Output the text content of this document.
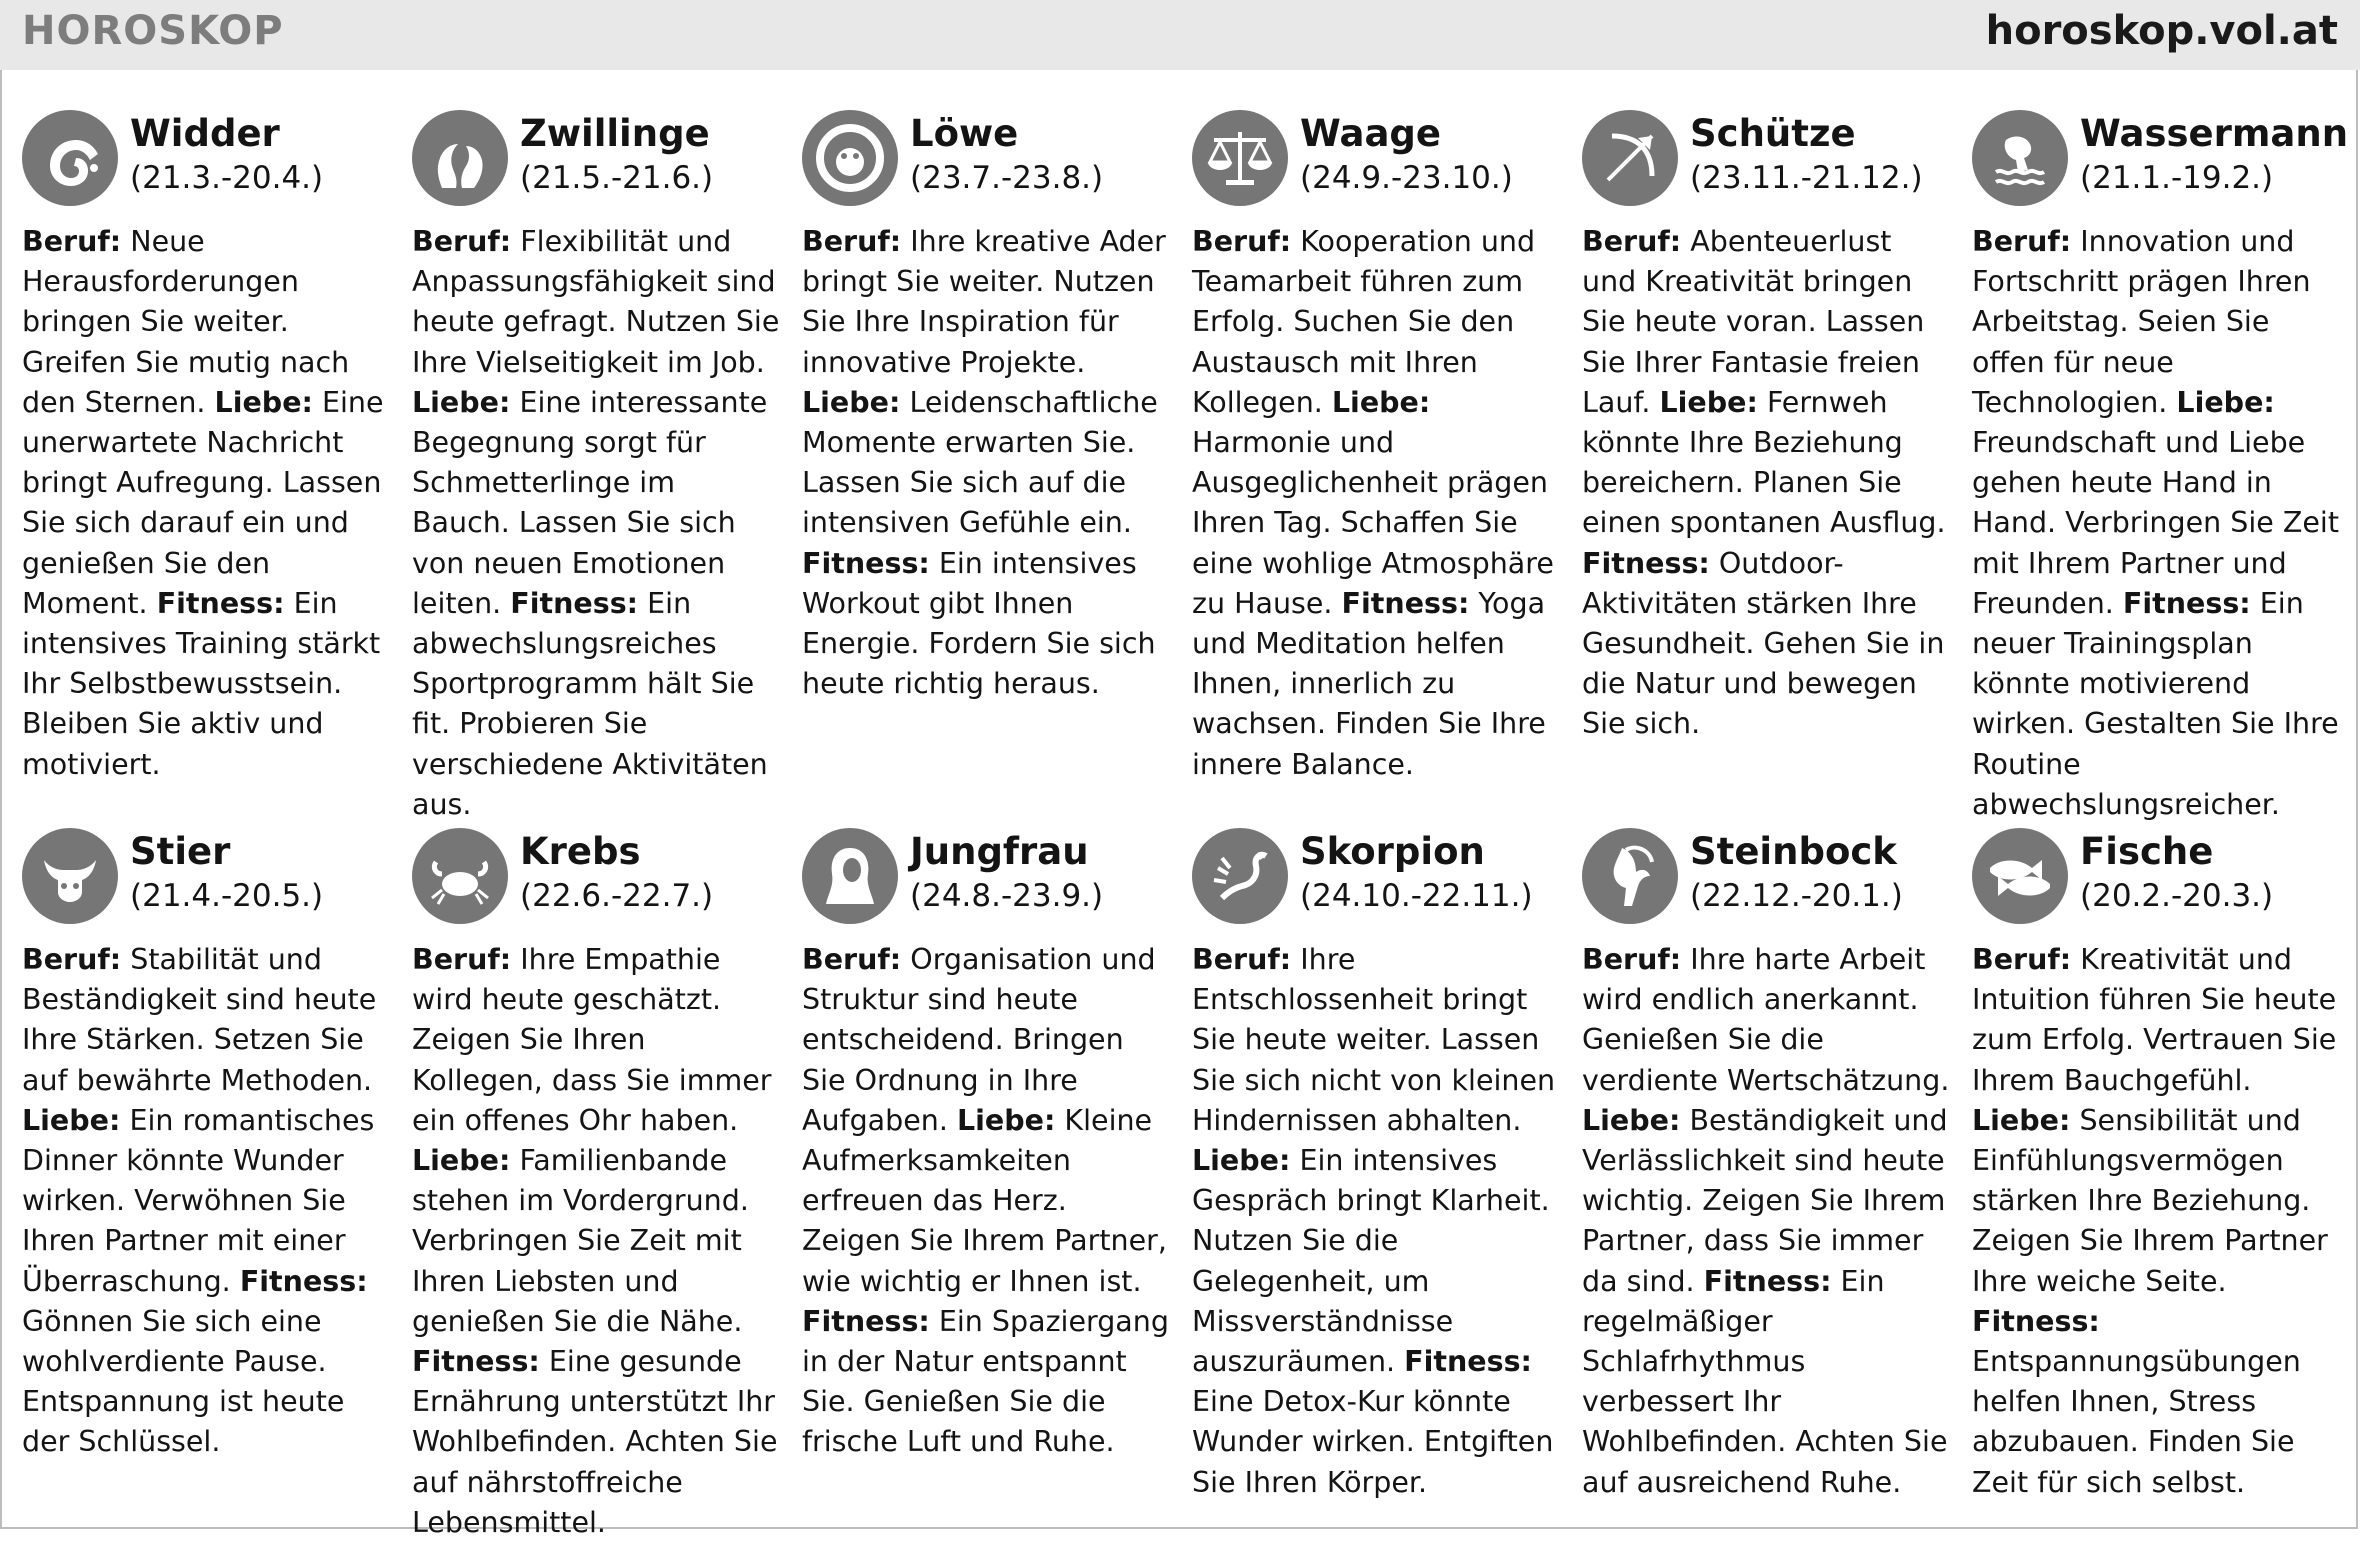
HOROSKOP	horoskop.vol.at
Widder
(21.3.-20.4.)
Beruf: Neue Herausforderungen bringen Sie weiter. Greifen Sie mutig nach den Sternen. Liebe: Eine unerwartete Nachricht bringt Aufregung. Lassen Sie sich darauf ein und genießen Sie den Moment. Fitness: Ein intensives Training stärkt Ihr Selbstbewusstsein. Bleiben Sie aktiv und motiviert.
Zwillinge
(21.5.-21.6.)
Beruf: Flexibilität und Anpassungsfähigkeit sind heute gefragt. Nutzen Sie Ihre Vielseitigkeit im Job. Liebe: Eine interessante Begegnung sorgt für Schmetterlinge im Bauch. Lassen Sie sich von neuen Emotionen leiten. Fitness: Ein abwechslungsreiches Sportprogramm hält Sie fit. Probieren Sie verschiedene Aktivitäten aus.
Löwe
(23.7.-23.8.)
Beruf: Ihre kreative Ader bringt Sie weiter. Nutzen Sie Ihre Inspiration für innovative Projekte. Liebe: Leidenschaftliche Momente erwarten Sie. Lassen Sie sich auf die intensiven Gefühle ein. Fitness: Ein intensives Workout gibt Ihnen Energie. Fordern Sie sich heute richtig heraus.
Waage
(24.9.-23.10.)
Beruf: Kooperation und Teamarbeit führen zum Erfolg. Suchen Sie den Austausch mit Ihren Kollegen. Liebe: Harmonie und Ausgeglichenheit prägen Ihren Tag. Schaffen Sie eine wohlige Atmosphäre zu Hause. Fitness: Yoga und Meditation helfen Ihnen, innerlich zu wachsen. Finden Sie Ihre innere Balance.
Schütze
(23.11.-21.12.)
Beruf: Abenteuerlust und Kreativität bringen Sie heute voran. Lassen Sie Ihrer Fantasie freien Lauf. Liebe: Fernweh könnte Ihre Beziehung bereichern. Planen Sie einen spontanen Ausflug. Fitness: Outdoor-Aktivitäten stärken Ihre Gesundheit. Gehen Sie in die Natur und bewegen Sie sich.
Wassermann
(21.1.-19.2.)
Beruf: Innovation und Fortschritt prägen Ihren Arbeitstag. Seien Sie offen für neue Technologien. Liebe: Freundschaft und Liebe gehen heute Hand in Hand. Verbringen Sie Zeit mit Ihrem Partner und Freunden. Fitness: Ein neuer Trainingsplan könnte motivierend wirken. Gestalten Sie Ihre Routine abwechslungsreicher.
Stier
(21.4.-20.5.)
Beruf: Stabilität und Beständigkeit sind heute Ihre Stärken. Setzen Sie auf bewährte Methoden. Liebe: Ein romantisches Dinner könnte Wunder wirken. Verwöhnen Sie Ihren Partner mit einer Überraschung. Fitness: Gönnen Sie sich eine wohlverdiente Pause. Entspannung ist heute der Schlüssel.
Krebs
(22.6.-22.7.)
Beruf: Ihre Empathie wird heute geschätzt. Zeigen Sie Ihren Kollegen, dass Sie immer ein offenes Ohr haben. Liebe: Familienbande stehen im Vordergrund. Verbringen Sie Zeit mit Ihren Liebsten und genießen Sie die Nähe. Fitness: Eine gesunde Ernährung unterstützt Ihr Wohlbefinden. Achten Sie auf nährstoffreiche Lebensmittel.
Jungfrau
(24.8.-23.9.)
Beruf: Organisation und Struktur sind heute entscheidend. Bringen Sie Ordnung in Ihre Aufgaben. Liebe: Kleine Aufmerksamkeiten erfreuen das Herz. Zeigen Sie Ihrem Partner, wie wichtig er Ihnen ist. Fitness: Ein Spaziergang in der Natur entspannt Sie. Genießen Sie die frische Luft und Ruhe.
Skorpion
(24.10.-22.11.)
Beruf: Ihre Entschlossenheit bringt Sie heute weiter. Lassen Sie sich nicht von kleinen Hindernissen abhalten. Liebe: Ein intensives Gespräch bringt Klarheit. Nutzen Sie die Gelegenheit, um Missverständnisse auszuräumen. Fitness: Eine Detox-Kur könnte Wunder wirken. Entgiften Sie Ihren Körper.
Steinbock
(22.12.-20.1.)
Beruf: Ihre harte Arbeit wird endlich anerkannt. Genießen Sie die verdiente Wertschätzung. Liebe: Beständigkeit und Verlässlichkeit sind heute wichtig. Zeigen Sie Ihrem Partner, dass Sie immer da sind. Fitness: Ein regelmäßiger Schlafrhythmus verbessert Ihr Wohlbefinden. Achten Sie auf ausreichend Ruhe.
Fische
(20.2.-20.3.)
Beruf: Kreativität und Intuition führen Sie heute zum Erfolg. Vertrauen Sie Ihrem Bauchgefühl. Liebe: Sensibilität und Einfühlungsvermögen stärken Ihre Beziehung. Zeigen Sie Ihrem Partner Ihre weiche Seite. Fitness: Entspannungsübungen helfen Ihnen, Stress abzubauen. Finden Sie Zeit für sich selbst.
